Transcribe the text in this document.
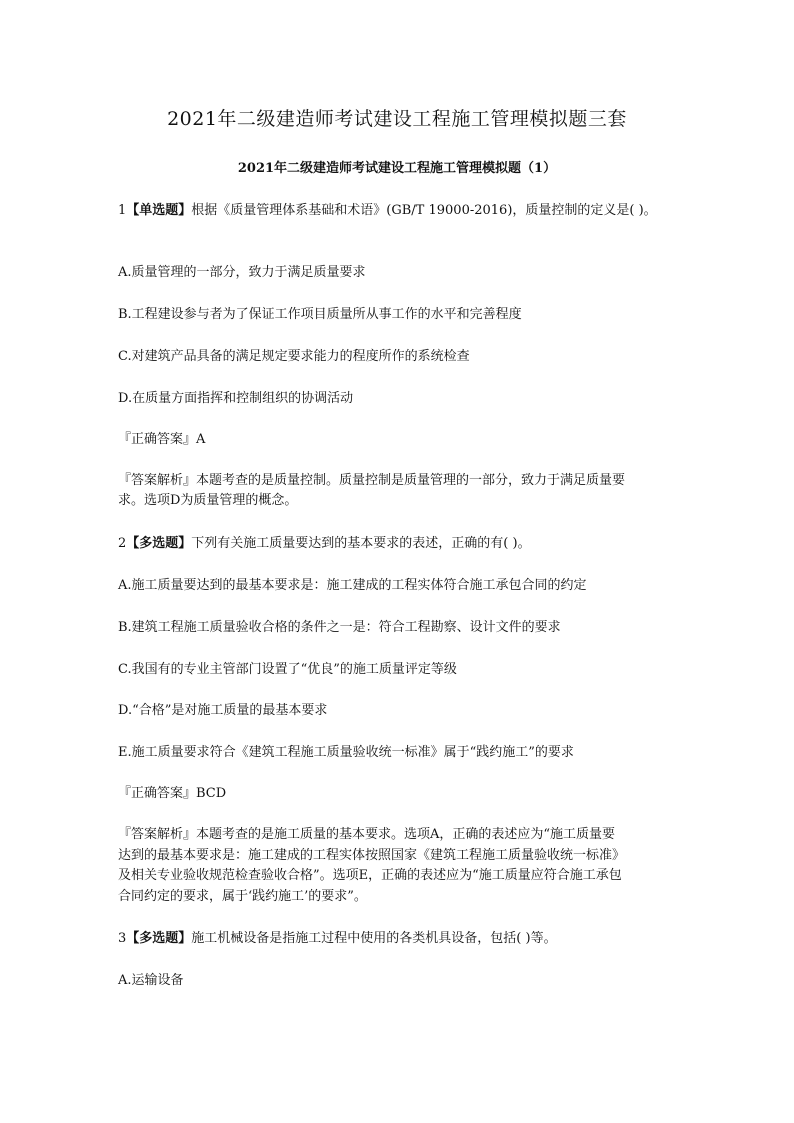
2021年二级建造师考试建设工程施工管理模拟题三套
2021年二级建造师考试建设工程施工管理模拟题（1）
1【单选题】根据《质量管理体系基础和术语》(GB/T 19000-2016)，质量控制的定义是( )。
A.质量管理的一部分，致力于满足质量要求
B.工程建设参与者为了保证工作项目质量所从事工作的水平和完善程度
C.对建筑产品具备的满足规定要求能力的程度所作的系统检查
D.在质量方面指挥和控制组织的协调活动
『正确答案』A
『答案解析』本题考查的是质量控制。质量控制是质量管理的一部分，致力于满足质量要
求。选项D为质量管理的概念。
2【多选题】下列有关施工质量要达到的基本要求的表述，正确的有( )。
A.施工质量要达到的最基本要求是：施工建成的工程实体符合施工承包合同的约定
B.建筑工程施工质量验收合格的条件之一是：符合工程勘察、设计文件的要求
C.我国有的专业主管部门设置了“优良”的施工质量评定等级
D.“合格”是对施工质量的最基本要求
E.施工质量要求符合《建筑工程施工质量验收统一标准》属于“践约施工”的要求
『正确答案』BCD
『答案解析』本题考查的是施工质量的基本要求。选项A，正确的表述应为“施工质量要
达到的最基本要求是：施工建成的工程实体按照国家《建筑工程施工质量验收统一标准》
及相关专业验收规范检查验收合格”。选项E，正确的表述应为“施工质量应符合施工承包
合同约定的要求，属于‘践约施工’的要求”。
3【多选题】施工机械设备是指施工过程中使用的各类机具设备，包括( )等。
A.运输设备
